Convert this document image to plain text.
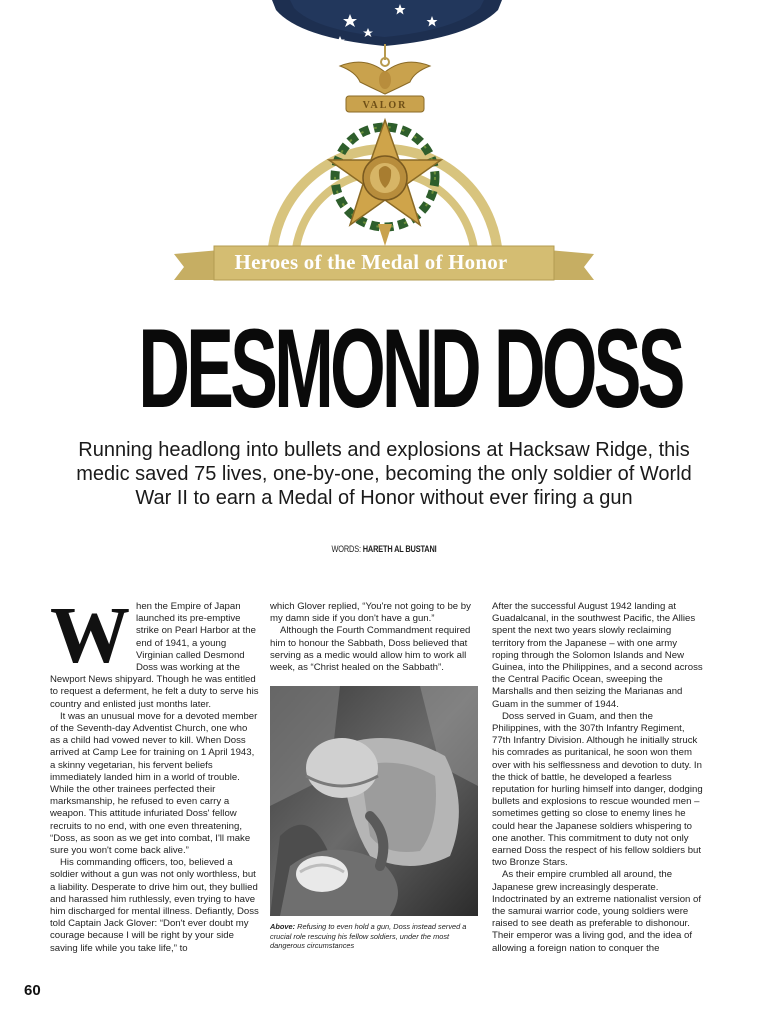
VALOR
Heroes of the Medal of Honor
DESMOND DOSS
Running headlong into bullets and explosions at Hacksaw Ridge, this medic saved 75 lives, one-by-one, becoming the only soldier of World War II to earn a Medal of Honor without ever firing a gun
WORDS: HARETH AL BUSTANI
W hen the Empire of Japan launched its pre-emptive strike on Pearl Harbor at the end of 1941, a young Virginian called Desmond Doss was working at the Newport News shipyard. Though he was entitled to request a deferment, he felt a duty to serve his country and enlisted just months later.

It was an unusual move for a devoted member of the Seventh-day Adventist Church, one who as a child had vowed never to kill. When Doss arrived at Camp Lee for training on 1 April 1943, a skinny vegetarian, his fervent beliefs immediately landed him in a world of trouble. While the other trainees perfected their marksmanship, he refused to even carry a weapon. This attitude infuriated Doss' fellow recruits to no end, with one even threatening, “Doss, as soon as we get into combat, I'll make sure you won't come back alive.”

His commanding officers, too, believed a soldier without a gun was not only worthless, but a liability. Desperate to drive him out, they bullied and harassed him ruthlessly, even trying to have him discharged for mental illness. Defiantly, Doss told Captain Jack Glover: “Don't ever doubt my courage because I will be right by your side saving life while you take life,” to

which Glover replied, “You're not going to be by my damn side if you don't have a gun.”

Although the Fourth Commandment required him to honour the Sabbath, Doss believed that serving as a medic would allow him to work all week, as “Christ healed on the Sabbath”.

Above: Refusing to even hold a gun, Doss instead served a crucial role rescuing his fellow soldiers, under the most dangerous circumstances

After the successful August 1942 landing at Guadalcanal, in the southwest Pacific, the Allies spent the next two years slowly reclaiming territory from the Japanese – with one army roping through the Solomon Islands and New Guinea, into the Philippines, and a second across the Central Pacific Ocean, sweeping the Marshalls and then seizing the Marianas and Guam in the summer of 1944.

Doss served in Guam, and then the Philippines, with the 307th Infantry Regiment, 77th Infantry Division. Although he initially struck his comrades as puritanical, he soon won them over with his selflessness and devotion to duty. In the thick of battle, he developed a fearless reputation for hurling himself into danger, dodging bullets and explosions to rescue wounded men – sometimes getting so close to enemy lines he could hear the Japanese soldiers whispering to one another. This commitment to duty not only earned Doss the respect of his fellow soldiers but two Bronze Stars.

As their empire crumbled all around, the Japanese grew increasingly desperate. Indoctrinated by an extreme nationalist version of the samurai warrior code, young soldiers were raised to see death as preferable to dishonour. Their emperor was a living god, and the idea of allowing a foreign nation to conquer the

60
